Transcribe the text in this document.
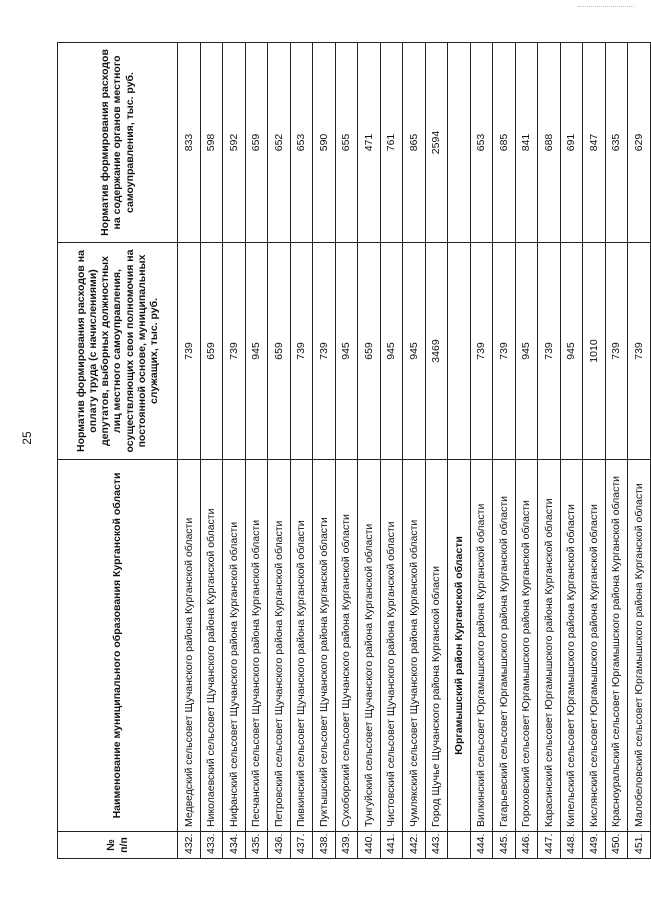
25
№ п/п	Наименование муниципального образования Курганской области	Норматив формирования расходов на оплату труда (с начислениями) депутатов, выборных должностных лиц местного самоуправления, осуществляющих свои полномочия на постоянной основе, муниципальных служащих, тыс. руб.	Норматив формирования расходов на содержание органов местного самоуправления, тыс. руб.
432.	Медведский сельсовет Щучанского района Курганской области	739	833
433.	Николаевский сельсовет Щучанского района Курганской области	659	598
434.	Нифанский сельсовет Щучанского района Курганской области	739	592
435.	Песчанский сельсовет Щучанского района Курганской области	945	659
436.	Петровский сельсовет Щучанского района Курганской области	659	652
437.	Пивкинский сельсовет Щучанского района Курганской области	739	653
438.	Пуктышский сельсовет Щучанского района Курганской области	739	590
439.	Сухоборский сельсовет Щучанского района Курганской области	945	655
440.	Тунгуйский сельсовет Щучанского района Курганской области	659	471
441.	Чистовский сельсовет Щучанского района Курганской области	945	761
442.	Чумлякский сельсовет Щучанского района Курганской области	945	865
443.	Город Щучье Щучанского района Курганской области	3469	2594
	Юргамышский район Курганской области		
444.	Вилкинский сельсовет Юргамышского района Курганской области	739	653
445.	Гагарьевский сельсовет Юргамышского района Курганской области	739	685
446.	Гороховский сельсовет Юргамышского района Курганской области	945	841
447.	Карасинский сельсовет Юргамышского района Курганской области	739	688
448.	Кипельский сельсовет Юргамышского района Курганской области	945	691
449.	Кислянский сельсовет Юргамышского района Курганской области	1010	847
450.	Красноуральский сельсовет Юргамышского района Курганской области	739	635
451.	Малобеловский сельсовет Юргамышского района Курганской области	739	629
